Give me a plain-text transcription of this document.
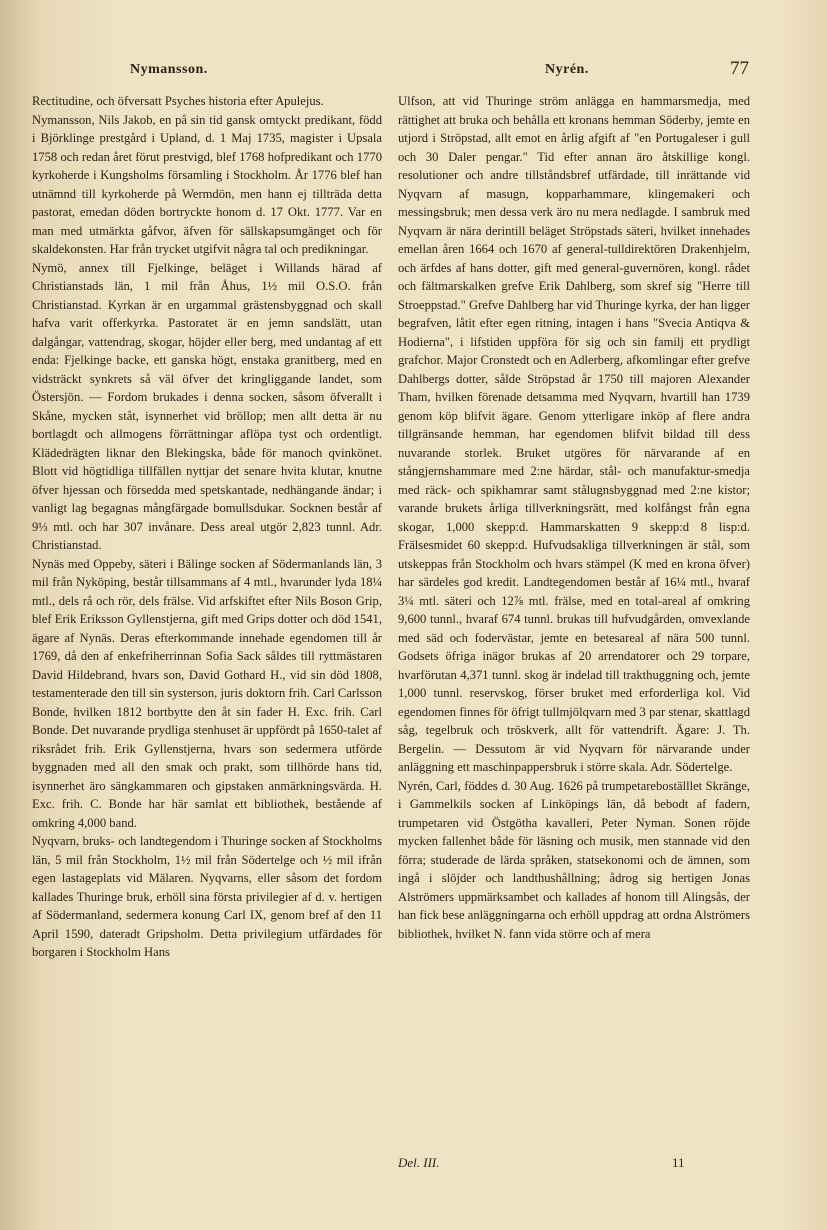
Nymansson.	Nyrén.	77

Rectitudine, och öfversatt Psyches historia efter Apulejus.

Nymansson, Nils Jakob, en på sin tid gansk omtyckt predikant, född i Björklinge prestgård i Upland, d. 1 Maj 1735, magister i Upsala 1758 och redan året förut prestvigd, blef 1768 hofpredikant och 1770 kyrkoherde i Kungsholms församling i Stockholm. År 1776 blef han utnämnd till kyrkoherde på Wermdön, men hann ej tillträda detta pastorat, emedan döden bortryckte honom d. 17 Okt. 1777. Var en man med utmärkta gåfvor, äfven för sällskapsumgänget och för skaldekonsten. Har från trycket utgifvit några tal och predikningar.

Nymö, annex till Fjelkinge, beläget i Willands härad af Christianstads län, 1 mil från Åhus, 1½ mil O.S.O. från Christianstad. Kyrkan är en urgammal grästensbyggnad och skall hafva varit offerkyrka. Pastoratet är en jemn sandslätt, utan dalgångar, vattendrag, skogar, höjder eller berg, med undantag af ett enda: Fjelkinge backe, ett ganska högt, enstaka granitberg, med en vidsträckt synkrets så väl öfver det kringliggande landet, som Östersjön. — Fordom brukades i denna socken, såsom öfverallt i Skåne, mycken ståt, isynnerhet vid bröllop; men allt detta är nu bortlagdt och allmogens förrättningar aflöpa tyst och ordentligt. Klädedrägten liknar den Blekingska, både för manoch qvinkönet. Blott vid högtidliga tillfällen nyttjar det senare hvita klutar, knutne öfver hjessan och försedda med spetskantade, nedhängande ändar; i vanligt lag begagnas mångfärgade bomullsdukar. Socknen består af 9⅓ mtl. och har 307 invånare. Dess areal utgör 2,823 tunnl. Adr. Christianstad.

Nynäs med Oppeby, säteri i Bälinge socken af Södermanlands län, 3 mil från Nyköping, består tillsammans af 4 mtl., hvarunder lyda 18¼ mtl., dels rå och rör, dels frälse. Vid arfskiftet efter Nils Boson Grip, blef Erik Eriksson Gyllenstjerna, gift med Grips dotter och död 1541, ägare af Nynäs. Deras efterkommande innehade egendomen till år 1769, då den af enkefriherrinnan Sofia Sack såldes till ryttmästaren David Hildebrand, hvars son, David Gothard H., vid sin död 1808, testamenterade den till sin systerson, juris doktorn frih. Carl Carlsson Bonde, hvilken 1812 bortbytte den åt sin fader H. Exc. frih. Carl Bonde. Det nuvarande prydliga stenhuset är uppfördt på 1650-talet af riksrådet frih. Erik Gyllenstjerna, hvars son sedermera utförde byggnaden med all den smak och prakt, som tillhörde hans tid, isynnerhet äro sängkammaren och gipstaken anmärkningsvärda. H. Exc. frih. C. Bonde har här samlat ett bibliothek, bestående af omkring 4,000 band.

Nyqvarn, bruks- och landtegendom i Thuringe socken af Stockholms län, 5 mil från Stockholm, 1½ mil från Södertelge och ½ mil ifrån egen lastageplats vid Mälaren. Nyqvarns, eller såsom det fordom kallades Thuringe bruk, erhöll sina första privilegier af d. v. hertigen af Södermanland, sedermera konung Carl IX, genom bref af den 11 April 1590, dateradt Gripsholm. Detta privilegium utfärdades för borgaren i Stockholm Hans

Ulfson, att vid Thuringe ström anlägga en hammarsmedja, med rättighet att bruka och behålla ett kronans hemman Söderby, jemte en utjord i Ströpstad, allt emot en årlig afgift af "en Portugaleser i gull och 30 Daler pengar." Tid efter annan äro åtskillige kongl. resolutioner och andre tillståndsbref utfärdade, till inrättande vid Nyqvarn af masugn, kopparhammare, klingemakeri och messingsbruk; men dessa verk äro nu mera nedlagde. I sambruk med Nyqvarn är nära derintill beläget Ströpstads säteri, hvilket innehades emellan åren 1664 och 1670 af general-tulldirektören Drakenhjelm, och ärfdes af hans dotter, gift med general-guvernören, kongl. rådet och fältmarskalken grefve Erik Dahlberg, som skref sig "Herre till Stroeppstad." Grefve Dahlberg har vid Thuringe kyrka, der han ligger begrafven, låtit efter egen ritning, intagen i hans "Svecia Antiqva & Hodierna", i lifstiden uppföra för sig och sin familj ett prydligt grafchor. Major Cronstedt och en Adlerberg, afkomlingar efter grefve Dahlbergs dotter, sålde Ströpstad år 1750 till majoren Alexander Tham, hvilken förenade detsamma med Nyqvarn, hvartill han 1739 genom köp blifvit ägare. Genom ytterligare inköp af flere andra tillgränsande hemman, har egendomen blifvit bildad till dess nuvarande storlek. Bruket utgöres för närvarande af en stångjernshammare med 2:ne härdar, stål- och manufaktur-smedja med räck- och spikhamrar samt stålugnsbyggnad med 2:ne kistor; varande brukets årliga tillverkningsrätt, med kolfångst från egna skogar, 1,000 skepp:d. Hammarskatten 9 skepp:d 8 lisp:d. Frälsesmidet 60 skepp:d. Hufvudsakliga tillverkningen är stål, som utskeppas från Stockholm och hvars stämpel (K med en krona öfver) har särdeles god kredit. Landtegendomen består af 16¼ mtl., hvaraf 3¼ mtl. säteri och 12⅞ mtl. frälse, med en total-areal af omkring 9,600 tunnl., hvaraf 674 tunnl. brukas till hufvudgården, omvexlande med säd och fodervästar, jemte en betesareal af nära 500 tunnl. Godsets öfriga inägor brukas af 20 arrendatorer och 29 torpare, hvarförutan 4,371 tunnl. skog är indelad till trakthuggning och, jemte 1,000 tunnl. reservskog, förser bruket med erforderliga kol. Vid egendomen finnes för öfrigt tullmjölqvarn med 3 par stenar, skattlagd såg, tegelbruk och tröskverk, allt för vattendrift. Ägare: J. Th. Bergelin. — Dessutom är vid Nyqvarn för närvarande under anläggning ett maschinpappersbruk i större skala. Adr. Södertelge.

Nyrén, Carl, föddes d. 30 Aug. 1626 på trumpetareboställlet Skränge, i Gammelkils socken af Linköpings län, då bebodt af fadern, trumpetaren vid Östgötha kavalleri, Peter Nyman. Sonen röjde mycken fallenhet både för läsning och musik, men stannade vid den förra; studerade de lärda språken, statsekonomi och de ämnen, som ingå i slöjder och landthushållning; ådrog sig hertigen Jonas Alströmers uppmärksambet och kallades af honom till Alingsås, der han fick bese anläggningarna och erhöll uppdrag att ordna Alströmers bibliothek, hvilket N. fann vida större och af mera

Del. III.	11
